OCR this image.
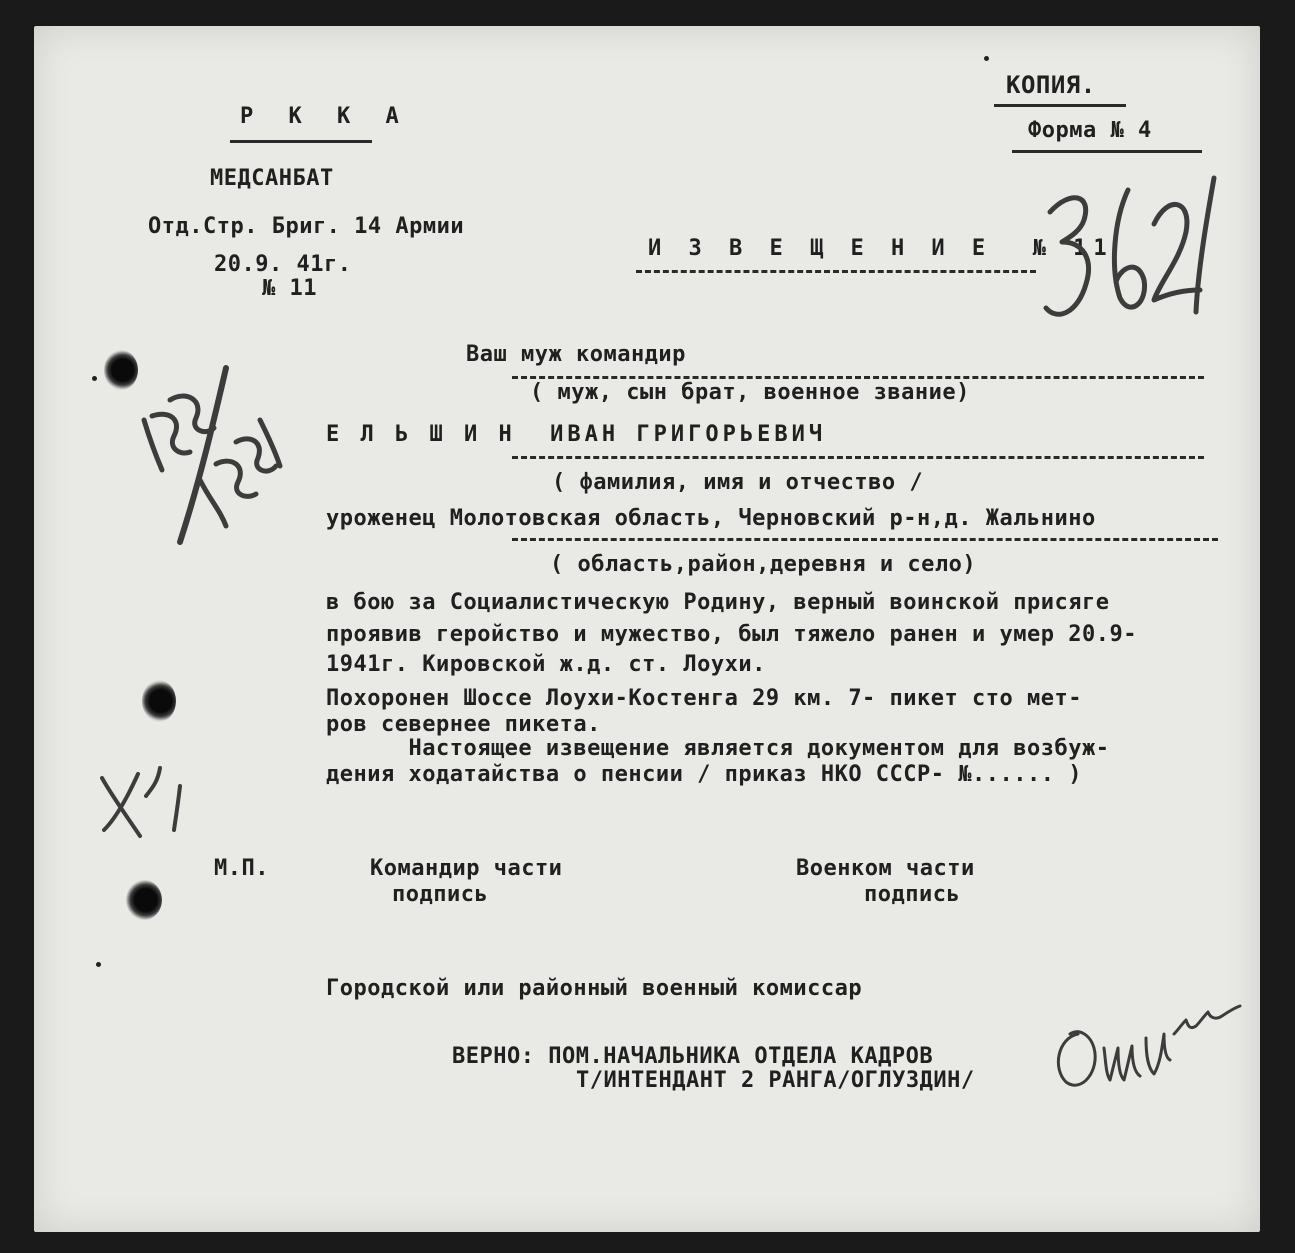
Р К К А
МЕДСАНБАТ
Отд.Стр. Бриг. 14 Армии
20.9. 41г.
№ 11
КОПИЯ.
Форма № 4
И З В Е Щ Е Н И Е  № 11
Ваш муж командир
( муж, сын брат, военное звание)
Е Л Ь Ш И Н  ИВАН ГРИГОРЬЕВИЧ
( фамилия, имя и отчество /
уроженец Молотовская область, Черновский р-н,д. Жальнино
( область,район,деревня и село)
в бою за Социалистическую Родину, верный воинской присяге
проявив геройство и мужество, был тяжело ранен и умер 20.9-
1941г. Кировской ж.д. ст. Лоухи.
Похоронен Шоссе Лоухи-Костенга 29 км. 7- пикет сто мет-
ров севернее пикета.
Настоящее извещение является документом для возбуж-
дения ходатайства о пенсии / приказ НКО СССР- №...... )
М.П.	Командир части
подпись
Военком части
подпись
Городской или районный военный комиссар
ВЕРНО: ПОМ.НАЧАЛЬНИКА ОТДЕЛА КАДРОВ
Т/ИНТЕНДАНТ 2 РАНГА/ОГЛУЗДИН/
